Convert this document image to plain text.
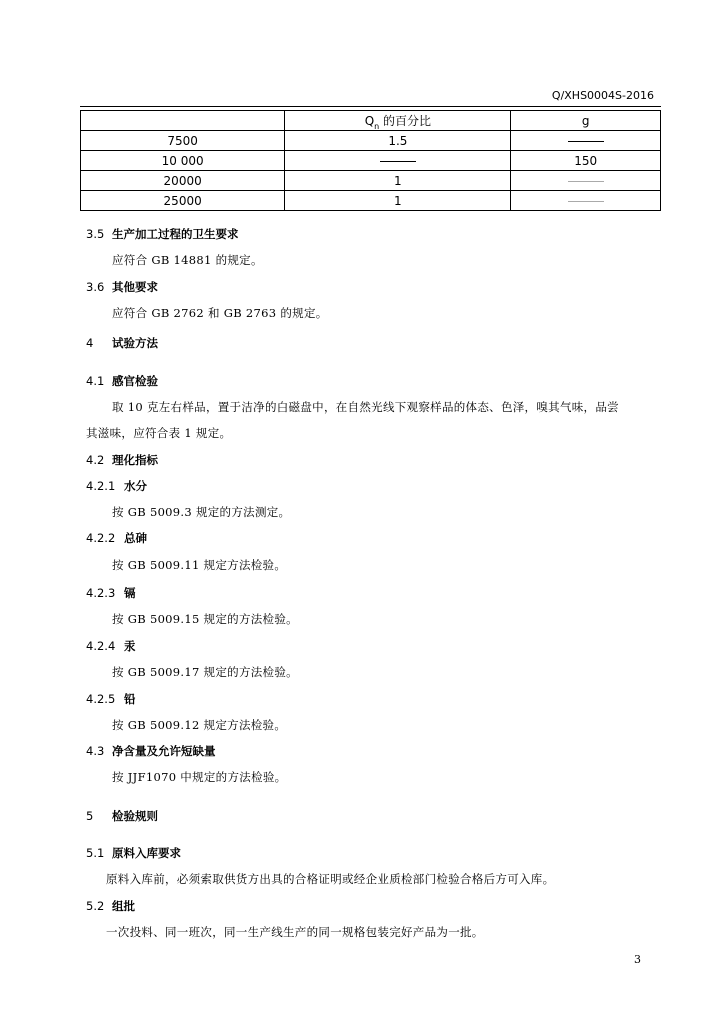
Q/XHS0004S-2016
	$Q_n$ 的百分比	g
7500	1.5	
10 000		150
20000	1	
25000	1	
3.5 生产加工过程的卫生要求
应符合 GB 14881 的规定。
3.6 其他要求
应符合 GB 2762 和 GB 2763 的规定。
4 试验方法
4.1 感官检验
取 10 克左右样品，置于洁净的白磁盘中，在自然光线下观察样品的体态、色泽，嗅其气味，品尝
其滋味，应符合表 1 规定。
4.2 理化指标
4.2.1 水分
按 GB 5009.3 规定的方法测定。
4.2.2 总砷
按 GB 5009.11 规定方法检验。
4.2.3 镉
按 GB 5009.15 规定的方法检验。
4.2.4 汞
按 GB 5009.17 规定的方法检验。
4.2.5 铅
按 GB 5009.12 规定方法检验。
4.3 净含量及允许短缺量
按 JJF1070 中规定的方法检验。
5 检验规则
5.1 原料入库要求
原料入库前，必须索取供货方出具的合格证明或经企业质检部门检验合格后方可入库。
5.2 组批
一次投料、同一班次，同一生产线生产的同一规格包装完好产品为一批。
3
